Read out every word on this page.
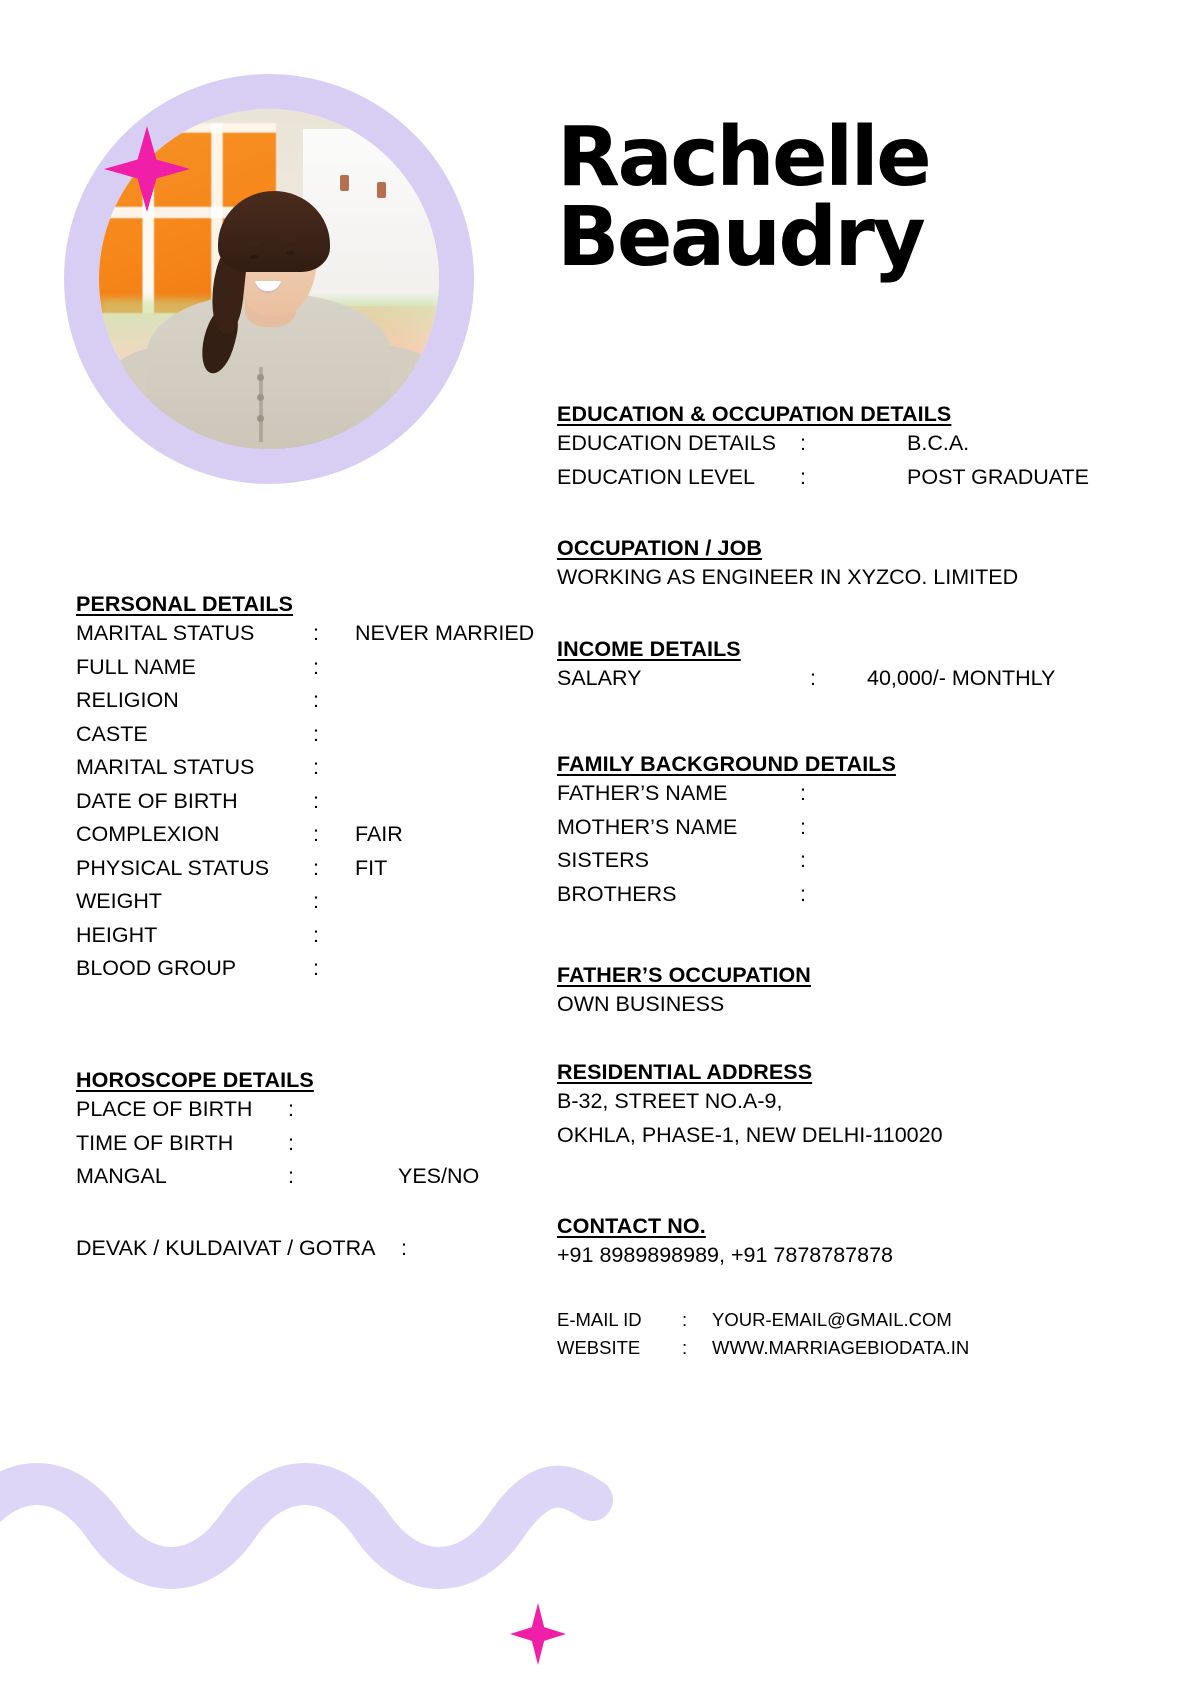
Rachelle
Beaudry
EDUCATION & OCCUPATION DETAILS
EDUCATION DETAILS	:	B.C.A.
EDUCATION LEVEL	:	POST GRADUATE
OCCUPATION / JOB
WORKING AS ENGINEER IN XYZCO. LIMITED
INCOME DETAILS
SALARY	:	40,000/- MONTHLY
FAMILY BACKGROUND DETAILS
FATHER’S NAME	:
MOTHER’S NAME	:
SISTERS	:
BROTHERS	:
FATHER’S OCCUPATION
OWN BUSINESS
RESIDENTIAL ADDRESS
B-32, STREET NO.A-9,
OKHLA, PHASE-1, NEW DELHI-110020
CONTACT NO.
+91 8989898989, +91 7878787878
E-MAIL ID	:	YOUR-EMAIL@GMAIL.COM
WEBSITE	:	WWW.MARRIAGEBIODATA.IN
PERSONAL DETAILS
MARITAL STATUS	:	NEVER MARRIED
FULL NAME	:
RELIGION	:
CASTE	:
MARITAL STATUS	:
DATE OF BIRTH	:
COMPLEXION	:	FAIR
PHYSICAL STATUS	:	FIT
WEIGHT	:
HEIGHT	:
BLOOD GROUP	:
HOROSCOPE DETAILS
PLACE OF BIRTH	:
TIME OF BIRTH	:
MANGAL	:	YES/NO
DEVAK / KULDAIVAT / GOTRA	:
